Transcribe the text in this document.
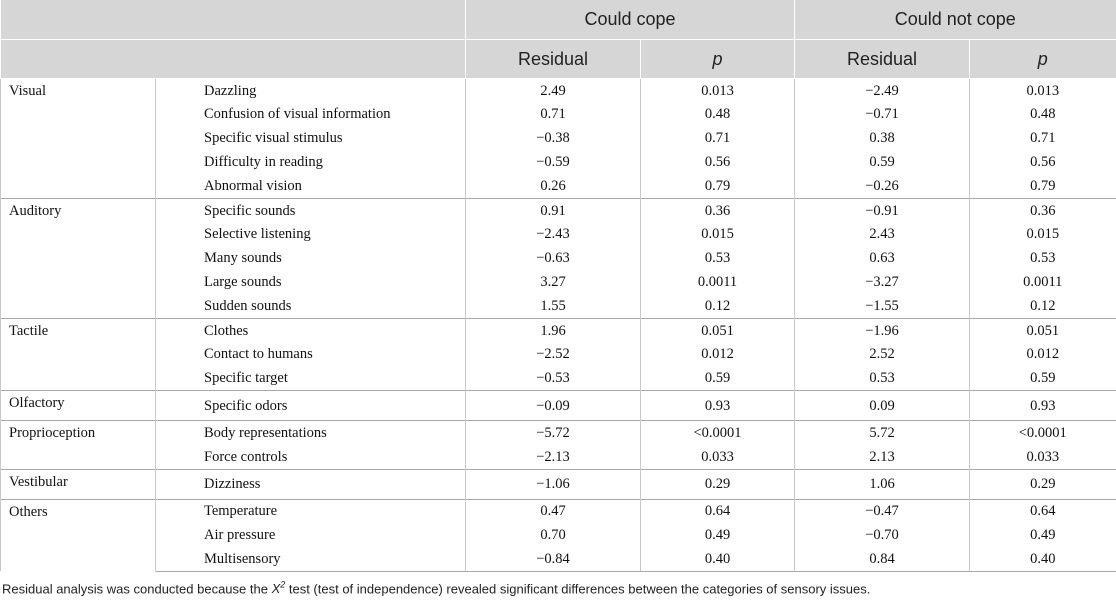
		Could cope		Could not cope	
		Residual	p	Residual	p
Visual	Dazzling	2.49	0.013	−2.49	0.013
	Confusion of visual information	0.71	0.48	−0.71	0.48
	Specific visual stimulus	−0.38	0.71	0.38	0.71
	Difficulty in reading	−0.59	0.56	0.59	0.56
	Abnormal vision	0.26	0.79	−0.26	0.79
Auditory	Specific sounds	0.91	0.36	−0.91	0.36
	Selective listening	−2.43	0.015	2.43	0.015
	Many sounds	−0.63	0.53	0.63	0.53
	Large sounds	3.27	0.0011	−3.27	0.0011
	Sudden sounds	1.55	0.12	−1.55	0.12
Tactile	Clothes	1.96	0.051	−1.96	0.051
	Contact to humans	−2.52	0.012	2.52	0.012
	Specific target	−0.53	0.59	0.53	0.59
Olfactory	Specific odors	−0.09	0.93	0.09	0.93
Proprioception	Body representations	−5.72	<0.0001	5.72	<0.0001
	Force controls	−2.13	0.033	2.13	0.033
Vestibular	Dizziness	−1.06	0.29	1.06	0.29
Others	Temperature	0.47	0.64	−0.47	0.64
	Air pressure	0.70	0.49	−0.70	0.49
	Multisensory	−0.84	0.40	0.84	0.40
Residual analysis was conducted because the $X^2$ test (test of independence) revealed significant differences between the categories of sensory issues.
